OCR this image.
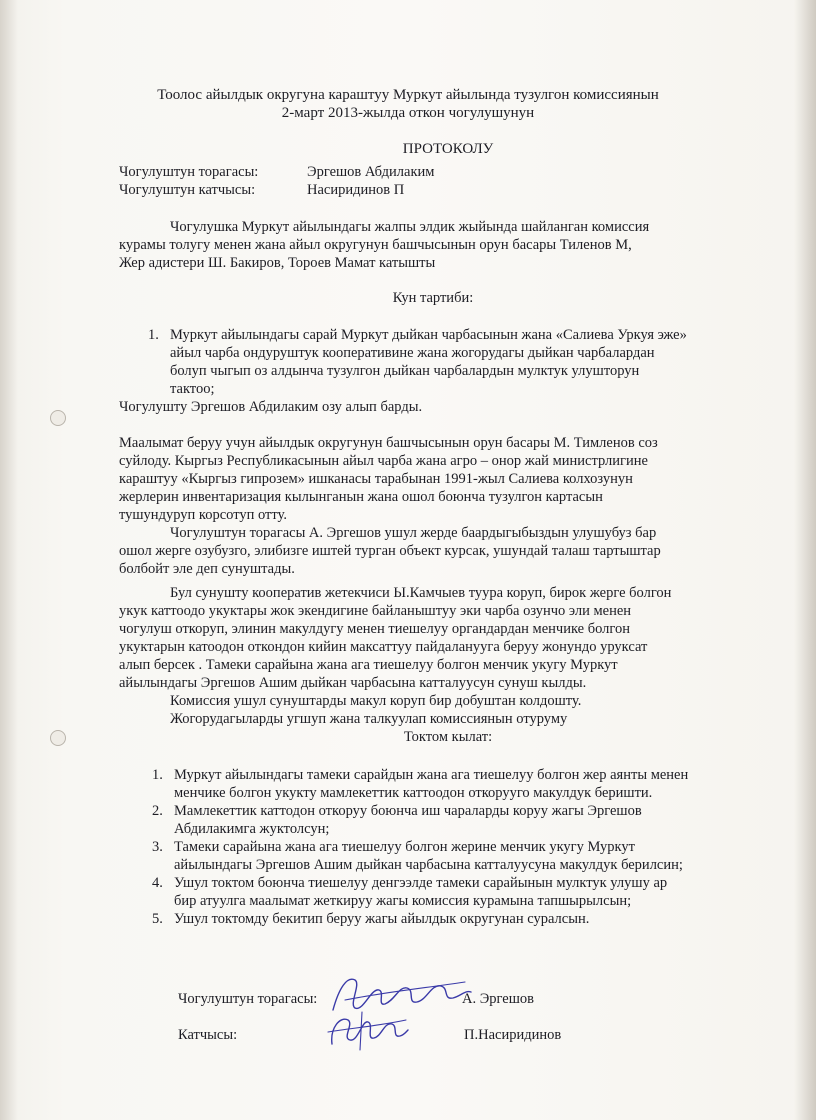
Тоолос айылдык округуна караштуу Муркут айылында тузулгон комиссиянын
2-март 2013-жылда откон чогулушунун
ПРОТОКОЛУ
Чогулуштун торагасы:	Эргешов Абдилаким
Чогулуштун катчысы:	Насиридинов П
Чогулушка Муркут айылындагы жалпы элдик жыйында шайланган комиссия
курамы толугу менен жана айыл округунун башчысынын орун басары Тиленов М,
Жер адистери Ш. Бакиров, Тороев Мамат катышты
Кун тартиби:
1. Муркут айылындагы сарай Муркут дыйкан чарбасынын жана «Салиева Уркуя эже»
айыл чарба ондуруштук кооперативине жана жогорудагы дыйкан чарбалардан
болуп чыгып оз алдынча тузулгон дыйкан чарбалардын мулктук улушторун
тактоо;
Чогулушту Эргешов Абдилаким озу алып барды.
Маалымат беруу учун айылдык округунун башчысынын орун басары М. Тимленов соз
суйлоду. Кыргыз Республикасынын айыл чарба жана агро – онор жай министрлигине
караштуу «Кыргыз гипрозем» ишканасы тарабынан 1991-жыл Салиева колхозунун
жерлерин инвентаризация кылынганын жана ошол боюнча тузулгон картасын
тушундуруп корсотуп отту.
Чогулуштун торагасы А. Эргешов ушул жерде баардыгыбыздын улушубуз бар
ошол жерге озубузго, элибизге иштей турган объект курсак, ушундай талаш тартыштар
болбойт эле деп сунуштады.
Бул сунушту кооператив жетекчиси Ы.Камчыев туура коруп, бирок жерге болгон
укук каттоодо укуктары жок экендигине байланыштуу эки чарба озунчо эли менен
чогулуш откоруп, элинин макулдугу менен тиешелуу органдардан менчике болгон
укуктарын катоодон откондон кийин максаттуу пайдалануугa беруу жонундо уруксат
алып берсек . Тамеки сарайына жана ага тиешелуу болгон менчик укугу Муркут
айылындагы Эргешов Ашим дыйкан чарбасына катталуусун сунуш кылды.
Комиссия ушул сунуштарды макул коруп бир добуштан колдошту.
Жогорудагыларды угшуп жана талкуулап комиссиянын отуруму
Токтом кылат:
1. Муркут айылындагы тамеки сарайдын жана ага тиешелуу болгон жер аянты менен
менчике болгон укукту мамлекеттик каттоодон откорууго макулдук беришти.
2. Мамлекеттик каттодон откоруу боюнча иш чараларды коруу жагы Эргешов
Абдилакимга жуктолсун;
3. Тамеки сарайына жана ага тиешелуу болгон жерине менчик укугу Муркут
айылындагы Эргешов Ашим дыйкан чарбасына катталуусуна макулдук берилсин;
4. Ушул токтом боюнча тиешелуу денгээлде тамеки сарайынын мулктук улушу ар
бир атуулга маалымат жеткируу жагы комиссия курамына тапшырылсын;
5. Ушул токтомду бекитип беруу жагы айылдык округунан суралсын.
Чогулуштун торагасы:	А. Эргешов
Катчысы:	П.Насиридинов
